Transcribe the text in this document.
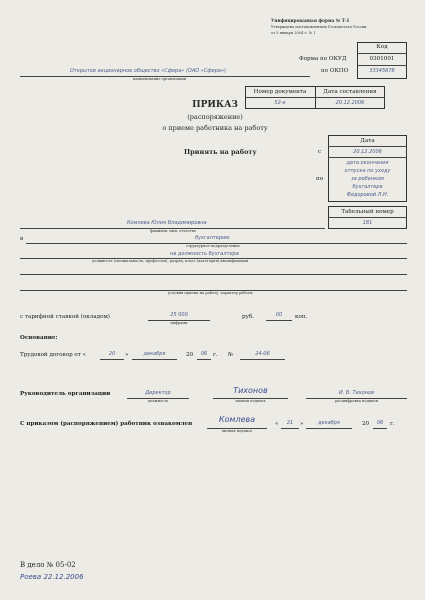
Унифицированная форма № Т-1
Утверждена постановлением Госкомстата России
от 5 января 2004 г. № 1
Код
Форма по ОКУД	0301001
по ОКПО	33345678
Открытое акционерное общество «Сфера» (ОАО «Сфера»)
наименование организации
Номер документа	Дата составления
52-к	20.12.2006
ПРИКАЗ
(распоряжение)
о приеме работника на работу
Принять на работу
Дата
с	20.12.2006
по
дата окончания
отпуска по уходу
за ребенком
бухгалтера
Федоровой Л.Н.
Табельный номер
181
Комлева Юлия Владимировна
фамилия, имя, отчество
в	бухгалтерию
структурное подразделение
на должность бухгалтера
должность (специальность, профессия), разряд, класс (категория) квалификации
условия приема на работу, характер работы
с тарифной ставкой (окладом)	25 000
цифрами
руб.	00	коп.
Основание:
Трудовой договор от «	20	»	декабря	20	06	г. №	24-06
Руководитель организации	Директор
должность
Тихонов
личная подпись
И. В. Тихонов
расшифровка подписи
С приказом (распоряжением) работник ознакомлен	Комлева
личная подпись
«	21	»	декабря	20	06	г.
В дело № 05-02
Роева 22.12.2006
